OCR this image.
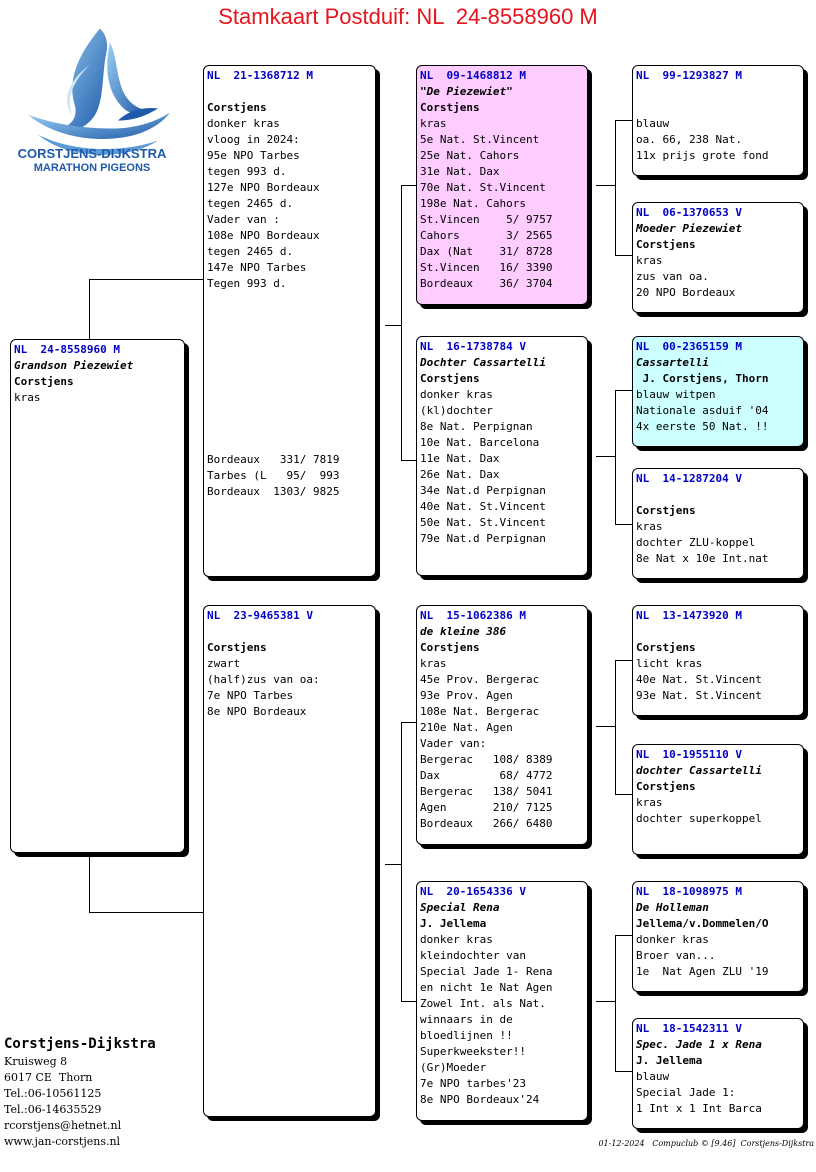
Stamkaart Postduif: NL  24-8558960 M
CORSTJENS-DIJKSTRA
MARATHON PIGEONS
NL  24-8558960 M
Grandson Piezewiet
Corstjens
kras
NL  21-1368712 M
Corstjens
donker kras
vloog in 2024:
95e NPO Tarbes
tegen 993 d.
127e NPO Bordeaux
tegen 2465 d.
Vader van :
108e NPO Bordeaux
tegen 2465 d.
147e NPO Tarbes
Tegen 993 d.
Bordeaux   331/ 7819
Tarbes (L   95/  993
Bordeaux  1303/ 9825
NL  23-9465381 V
Corstjens
zwart
(half)zus van oa:
7e NPO Tarbes
8e NPO Bordeaux
NL  09-1468812 M
"De Piezewiet"
Corstjens
kras
5e Nat. St.Vincent
25e Nat. Cahors
31e Nat. Dax
70e Nat. St.Vincent
198e Nat. Cahors
St.Vincen    5/ 9757
Cahors       3/ 2565
Dax (Nat    31/ 8728
St.Vincen   16/ 3390
Bordeaux    36/ 3704
NL  16-1738784 V
Dochter Cassartelli
Corstjens
donker kras
(kl)dochter
8e Nat. Perpignan
10e Nat. Barcelona
11e Nat. Dax
26e Nat. Dax
34e Nat.d Perpignan
40e Nat. St.Vincent
50e Nat. St.Vincent
79e Nat.d Perpignan
NL  15-1062386 M
de kleine 386
Corstjens
kras
45e Prov. Bergerac
93e Prov. Agen
108e Nat. Bergerac
210e Nat. Agen
Vader van:
Bergerac   108/ 8389
Dax         68/ 4772
Bergerac   138/ 5041
Agen       210/ 7125
Bordeaux   266/ 6480
NL  20-1654336 V
Special Rena
J. Jellema
donker kras
kleindochter van
Special Jade 1- Rena
en nicht 1e Nat Agen
Zowel Int. als Nat.
winnaars in de
bloedlijnen !!
Superkweekster!!
(Gr)Moeder
7e NPO tarbes'23
8e NPO Bordeaux'24
NL  99-1293827 M
blauw
oa. 66, 238 Nat.
11x prijs grote fond
NL  06-1370653 V
Moeder Piezewiet
Corstjens
kras
zus van oa.
20 NPO Bordeaux
NL  00-2365159 M
Cassartelli
J. Corstjens, Thorn
blauw witpen
Nationale asduif '04
4x eerste 50 Nat. !!
NL  14-1287204 V
Corstjens
kras
dochter ZLU-koppel
8e Nat x 10e Int.nat
NL  13-1473920 M
Corstjens
licht kras
40e Nat. St.Vincent
93e Nat. St.Vincent
NL  10-1955110 V
dochter Cassartelli
Corstjens
kras
dochter superkoppel
NL  18-1098975 M
De Holleman
Jellema/v.Dommelen/O
donker kras
Broer van...
1e  Nat Agen ZLU '19
NL  18-1542311 V
Spec. Jade 1 x Rena
J. Jellema
blauw
Special Jade 1:
1 Int x 1 Int Barca
Corstjens-Dijkstra
Kruisweg 8
6017 CE  Thorn
Tel.:06-10561125
Tel.:06-14635529
rcorstjens@hetnet.nl
www.jan-corstjens.nl	01-12-2024   Compuclub © [9.46]  Corstjens-Dijkstra
